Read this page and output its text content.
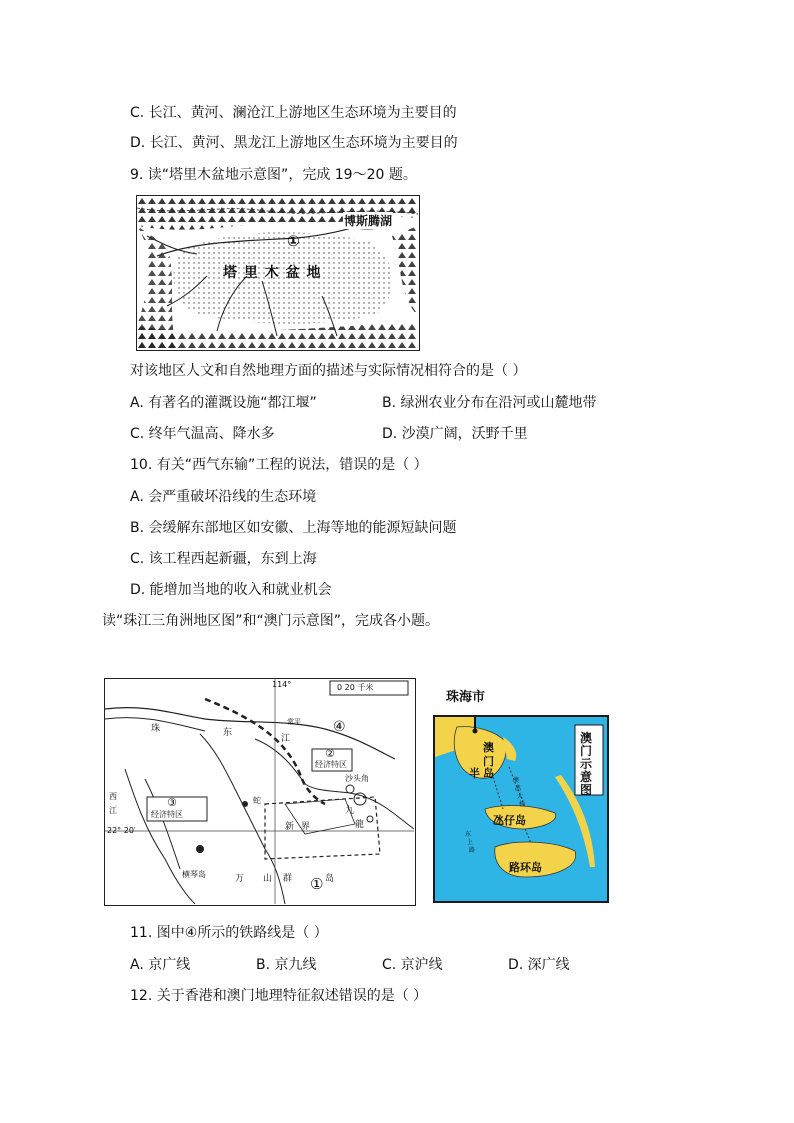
C. 长江、黄河、澜沧江上游地区生态环境为主要目的
D. 长江、黄河、黑龙江上游地区生态环境为主要目的
9. 读“塔里木盆地示意图”，完成 19～20 题。
博斯腾湖
①
塔 里 木 盆 地
对该地区人文和自然地理方面的描述与实际情况相符合的是（ ）
A. 有著名的灌溉设施“都江堰”	B. 绿洲农业分布在沿河或山麓地带
C. 终年气温高、降水多	D. 沙漠广阔，沃野千里
10. 有关“西气东输”工程的说法，错误的是（ ）
A. 会严重破坏沿线的生态环境
B. 会缓解东部地区如安徽、上海等地的能源短缺问题
C. 该工程西起新疆，东到上海
D. 能增加当地的收入和就业机会
读“珠江三角洲地区图”和“澳门示意图”，完成各小题。
114°	0 20 千米
22° 20′
④
②
经济特区
③
经济特区
①
珠	东
江
常平
沙头角
蛇
新 界
九
龍
横琴岛	万 山 群	岛
西
江
澳
门
半 岛
澳
门
示
意
图
氹仔岛
路环岛
澳
氹
大
桥
东
上
路
珠海市
11. 图中④所示的铁路线是（ ）
A. 京广线	B. 京九线	C. 京沪线	D. 深广线
12. 关于香港和澳门地理特征叙述错误的是（ ）
